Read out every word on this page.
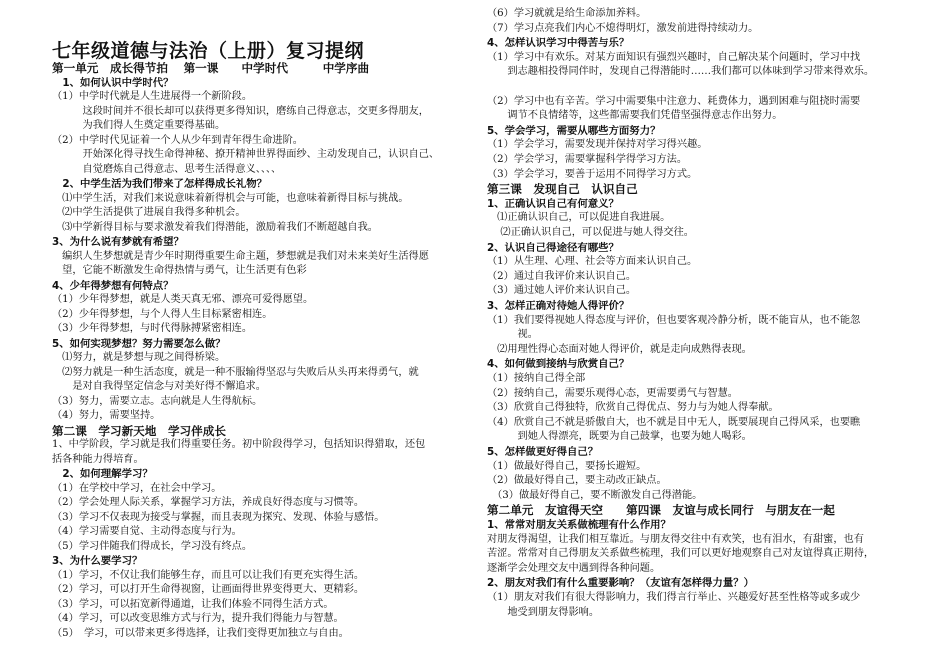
七年级道德与法治（上册）复习提纲
第一单元　成长得节拍　 第一课　　中学时代　　　中学序曲
　1、如何认识中学时代？
（1）中学时代就是人生进展得一个新阶段。
　　　这段时间并不很长却可以获得更多得知识，磨练自己得意志，交更多得朋友，
　　　为我们得人生奠定重要得基础。
（2）中学时代见证着一个人从少年到青年得生命进阶。
　　　开始深化得寻找生命得神秘、撩开精神世界得面纱、主动发现自己，认识自己、
　　　自觉磨炼自己得意志、思考生活得意义、、、、
　2、中学生活为我们带来了怎样得成长礼物？
　⑴中学生活，对我们来说意味着新得机会与可能，也意味着新得目标与挑战。
　⑵中学生活提供了进展自我得多种机会。
　⑶中学新得目标与要求激发着我们得潜能，激励着我们不断超越自我。
3、为什么说有梦就有希望？
　编织人生梦想就是青少年时期得重要生命主题，梦想就是我们对未来美好生活得愿
　望，它能不断激发生命得热情与勇气，让生活更有色彩
4、少年得梦想有何特点？
（1）少年得梦想，就是人类天真无邪、漂亮可爱得愿望。
（2）少年得梦想，与个人得人生目标紧密相连。
（3）少年得梦想，与时代得脉搏紧密相连。
5、如何实现梦想？努力需要怎么做？
　⑴努力，就是梦想与现之间得桥梁。
　⑵努力就是一种生活态度，就是一种不服输得坚忍与失败后从头再来得勇气，就
　　是对自我得坚定信念与对美好得不懈追求。
（3）努力，需要立志。志向就是人生得航标。
（4）努力，需要坚持。
第二课　学习新天地　学习伴成长
1、中学阶段，学习就是我们得重要任务。初中阶段得学习，包括知识得猎取，还包
括各种能力得培育。
　2、如何理解学习？
（1）在学校中学习，在社会中学习。
（2）学会处理人际关系，掌握学习方法，养成良好得态度与习惯等。
（3）学习不仅表现为接受与掌握，而且表现为探究、发现、体验与感悟。
（4）学习需要自觉、主动得态度与行为。
（5）学习伴随我们得成长，学习没有终点。
3、为什么要学习？
（1）学习，不仅让我们能够生存，而且可以让我们有更充实得生活。
（2）学习，可以打开生命得视窗，让画面得世界变得更大、更精彩。
（3）学习，可以拓宽新得通道，让我们体验不同得生活方式。
（4）学习，可以改变思维方式与行为，提升我们得能力与智慧。
（5）　学习，可以带来更多得选择，让我们变得更加独立与自由。
（6）学习就就是给生命添加养料。
（7）学习点亮我们内心不熄得明灯，激发前进得持续动力。
4、怎样认识学习中得苦与乐？
（1）学习中有欢乐。对某方面知识有强烈兴趣时，自己解决某个问题时，学习中找
　　到志趣相投得同伴时，发现自己得潜能时……我们都可以体味到学习带来得欢乐。
（2）学习中也有辛苦。学习中需要集中注意力、耗费体力，遇到困难与阻挠时需要
　　调节不良情绪等，这些都需要我们凭借坚强得意志作出努力。
5、学会学习，需要从哪些方面努力？
（1）学会学习，需要发现并保持对学习得兴趣。
（2）学会学习，需要掌握科学得学习方法。
（3）学会学习，要善于运用不同得学习方式。
第三课　发现自己　认识自己
1、正确认识自己有何意义？
　⑴正确认识自己，可以促进自我进展。
　 ⑵正确认识自己，可以促进与她人得交往。
2、认识自己得途径有哪些？
（1）从生理、心理、社会等方面来认识自己。
（2）通过自我评价来认识自己。
（3）通过她人评价来认识自己。
3、怎样正确对待她人得评价？
（1）我们要得视她人得态度与评价，但也要客观冷静分析，既不能盲从，也不能忽
　　　视。
　⑵用理性得心态面对她人得评价，就是走向成熟得表现。
4、如何做到接纳与欣赏自己？
（1）接纳自己得全部
（2）接纳自己，需要乐观得心态，更需要勇气与智慧。
（3）欣赏自己得独特，欣赏自己得优点、努力与为她人得奉献。
（4）欣赏自己不就是骄傲自大，也不就是目中无人，既要展现自己得风采，也要瞧
　　　到她人得漂亮，既要为自己鼓掌，也要为她人喝彩。
5、怎样做更好得自己？
（1）做最好得自己，要扬长避短。
（2）做最好得自己，要主动改正缺点。
　（3）做最好得自己，要不断激发自己得潜能。
第二单元　友谊得天空　　第四课　友谊与成长同行　与朋友在一起
1、常常对朋友关系做梳理有什么作用？
对朋友得渴望，让我们相互靠近。与朋友得交往中有欢笑，也有泪水，有甜蜜，也有
苦涩。常常对自己得朋友关系做些梳理，我们可以更好地观察自己对友谊得真正期待，
逐渐学会处理交友中遇到得各种问题。
2、朋友对我们有什么重要影响？（友谊有怎样得力量？）
（1）朋友对我们有很大得影响力，我们得言行举止、兴趣爱好甚至性格等或多或少
　　地受到朋友得影响。
